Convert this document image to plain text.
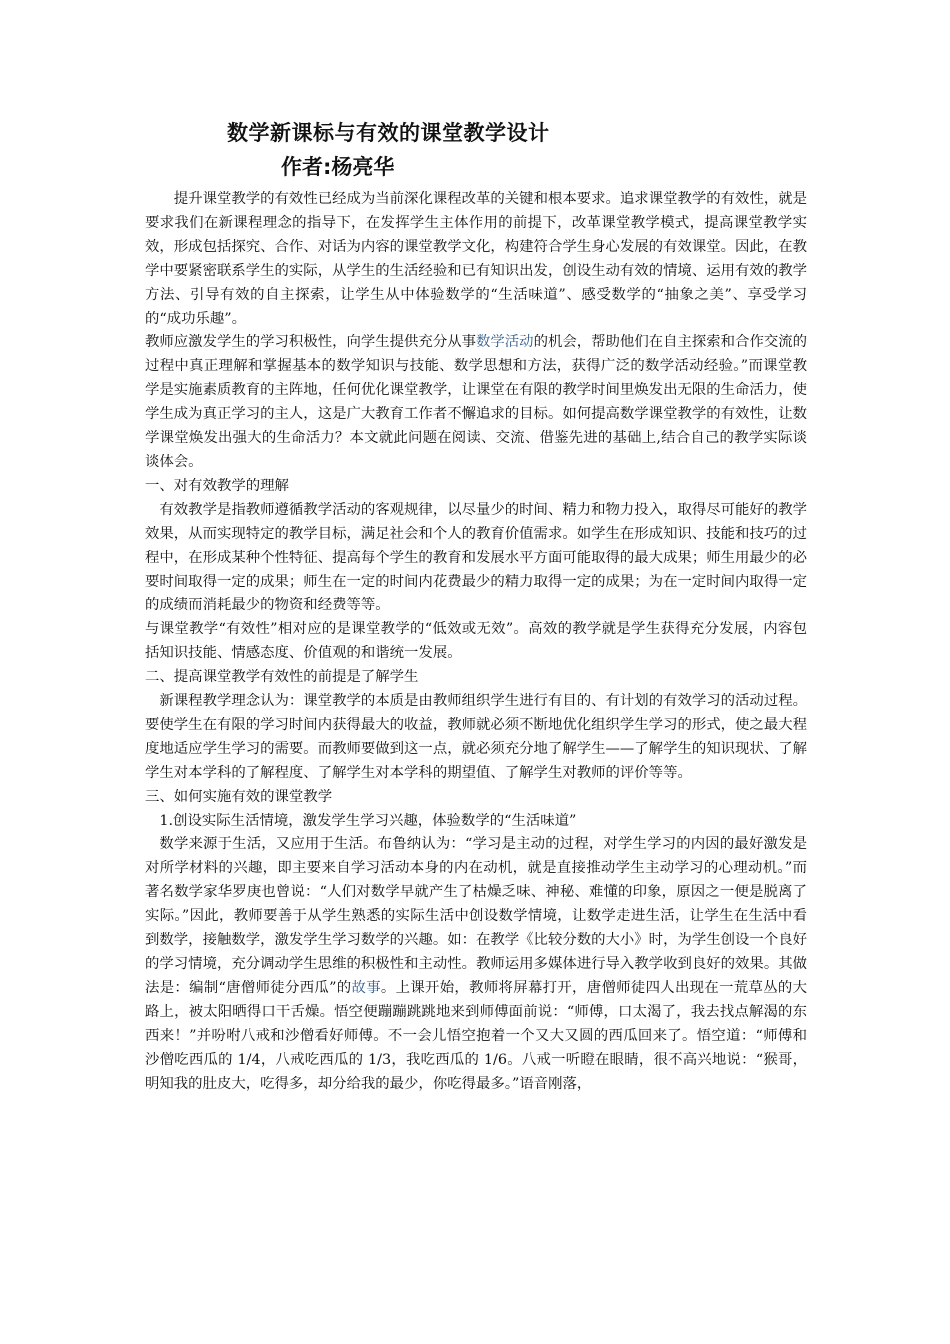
数学新课标与有效的课堂教学设计
作者:杨亮华

提升课堂教学的有效性已经成为当前深化课程改革的关键和根本要求。追求课堂教学的有效性，就是要求我们在新课程理念的指导下，在发挥学生主体作用的前提下，改革课堂教学模式，提高课堂教学实效，形成包括探究、合作、对话为内容的课堂教学文化，构建符合学生身心发展的有效课堂。因此，在教学中要紧密联系学生的实际，从学生的生活经验和已有知识出发，创设生动有效的情境、运用有效的教学方法、引导有效的自主探索，让学生从中体验数学的“生活味道”、感受数学的“抽象之美”、享受学习的“成功乐趣”。

教师应激发学生的学习积极性，向学生提供充分从事数学活动的机会，帮助他们在自主探索和合作交流的过程中真正理解和掌握基本的数学知识与技能、数学思想和方法，获得广泛的数学活动经验。”而课堂教学是实施素质教育的主阵地，任何优化课堂教学，让课堂在有限的教学时间里焕发出无限的生命活力，使学生成为真正学习的主人，这是广大教育工作者不懈追求的目标。如何提高数学课堂教学的有效性，让数学课堂焕发出强大的生命活力？本文就此问题在阅读、交流、借鉴先进的基础上,结合自己的教学实际谈谈体会。

一、对有效教学的理解

有效教学是指教师遵循教学活动的客观规律，以尽量少的时间、精力和物力投入，取得尽可能好的教学效果，从而实现特定的教学目标，满足社会和个人的教育价值需求。如学生在形成知识、技能和技巧的过程中，在形成某种个性特征、提高每个学生的教育和发展水平方面可能取得的最大成果；师生用最少的必要时间取得一定的成果；师生在一定的时间内花费最少的精力取得一定的成果；为在一定时间内取得一定的成绩而消耗最少的物资和经费等等。

与课堂教学“有效性”相对应的是课堂教学的“低效或无效”。高效的教学就是学生获得充分发展，内容包括知识技能、情感态度、价值观的和谐统一发展。

二、提高课堂教学有效性的前提是了解学生

新课程教学理念认为：课堂教学的本质是由教师组织学生进行有目的、有计划的有效学习的活动过程。要使学生在有限的学习时间内获得最大的收益，教师就必须不断地优化组织学生学习的形式，使之最大程度地适应学生学习的需要。而教师要做到这一点，就必须充分地了解学生——了解学生的知识现状、了解学生对本学科的了解程度、了解学生对本学科的期望值、了解学生对教师的评价等等。

三、如何实施有效的课堂教学

1.创设实际生活情境，激发学生学习兴趣，体验数学的“生活味道”

数学来源于生活，又应用于生活。布鲁纳认为：“学习是主动的过程，对学生学习的内因的最好激发是对所学材料的兴趣，即主要来自学习活动本身的内在动机，就是直接推动学生主动学习的心理动机。”而著名数学家华罗庚也曾说：“人们对数学早就产生了枯燥乏味、神秘、难懂的印象，原因之一便是脱离了实际。”因此，教师要善于从学生熟悉的实际生活中创设数学情境，让数学走进生活，让学生在生活中看到数学，接触数学，激发学生学习数学的兴趣。如：在教学《比较分数的大小》时，为学生创设一个良好的学习情境，充分调动学生思维的积极性和主动性。教师运用多媒体进行导入教学收到良好的效果。其做法是：编制“唐僧师徒分西瓜”的故事。上课开始，教师将屏幕打开，唐僧师徒四人出现在一荒草丛的大路上，被太阳晒得口干舌燥。悟空便蹦蹦跳跳地来到师傅面前说：“师傅，口太渴了，我去找点解渴的东西来！”并吩咐八戒和沙僧看好师傅。不一会儿悟空抱着一个又大又圆的西瓜回来了。悟空道：“师傅和沙僧吃西瓜的 1/4，八戒吃西瓜的 1/3，我吃西瓜的 1/6。八戒一听瞪在眼睛，很不高兴地说：“猴哥，明知我的肚皮大，吃得多，却分给我的最少，你吃得最多。”语音刚落，
